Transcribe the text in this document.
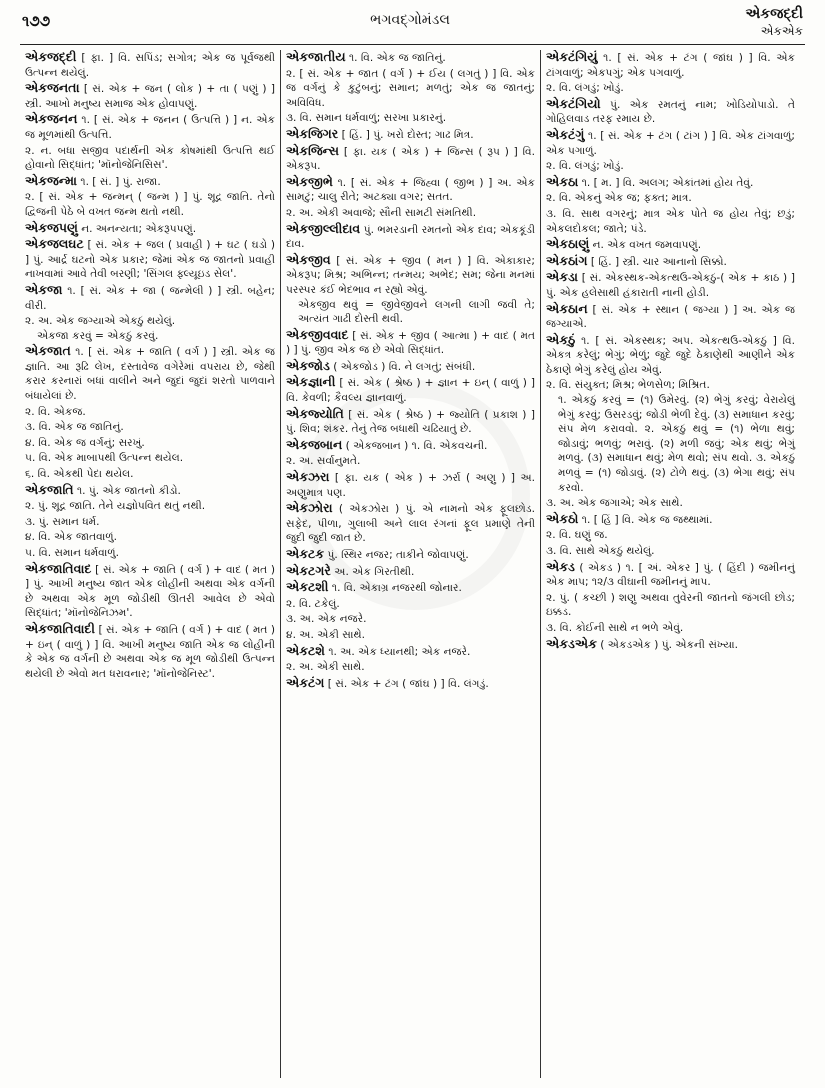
૧૭૭	ભગવદ્ગોમંડલ	એકજદ્દી
એકએક
એકજદ્દી [ ફા. ] વિ. સપિંડ; સગોત્ર; એક જ પૂર્વજથી ઉત્પન્ન થયેલું.
એકજનતા [ સં. એક + જન ( લોક ) + તા ( પણું ) ] સ્ત્રી. આખો મનુષ્ય સમાજ એક હોવાપણું.
એકજનન ૧. [ સં. એક + જનન ( ઉત્પત્તિ ) ] ન. એક જ મૂળમાંથી ઉત્પત્તિ.
૨. ન. બધા સજીવ પદાર્થની એક કોષમાંથી ઉત્પત્તિ થઈ હોવાનો સિદ્ધાંત; 'મૉનોજેનિસિસ'.
એકજન્મા ૧. [ સં. ] પું. રાજા.
૨. [ સં. એક + જન્મન્ ( જન્મ ) ] પું. શૂદ્ર જાતિ. તેનો દ્વિજની પેઠે બે વખત જન્મ થતો નથી.
એકજપણું ન. અનન્યતા; એકરૂપપણું.
એકજલઘટ [ સં. એક + જલ ( પ્રવાહી ) + ઘટ ( ઘડો ) ] પું. આર્દ્ર ઘટનો એક પ્રકાર; જેમાં એક જ જાતનો પ્રવાહી નાખવામાં આવે તેવી બરણી; 'સિંગલ ફ્લ્યૂઇડ સેલ'.
એકજા ૧. [ સં. એક + જા ( જન્મેલી ) ] સ્ત્રી. બહેન; વીરી.
૨. અ. એક જગ્યાએ એકઠું થયેલું.
એકજા કરવું = એકઠું કરવું.
એકજાત ૧. [ સં. એક + જાતિ ( વર્ગ ) ] સ્ત્રી. એક જ જ્ઞાતિ. આ રૂઢિ લેખ, દસ્તાવેજ વગેરેમાં વપરાય છે, જેથી કરાર કરનારાં બધાં વાલીને અને જુદાં જુદાં શરતો પાળવાને બંધાયેલાં છે.
૨. વિ. એકજ.
૩. વિ. એક જ જાતિનું.
૪. વિ. એક જ વર્ગનું; સરખું.
૫. વિ. એક માબાપથી ઉત્પન્ન થયેલ.
૬. વિ. એકથી પેદા થયેલ.
એકજાતિ ૧. પું. એક જાતનો કીડો.
૨. પું. શૂદ્ર જાતિ. તેને યજ્ઞોપવિત થતું નથી.
૩. પું. સમાન ધર્મ.
૪. વિ. એક જાતવાળું.
૫. વિ. સમાન ધર્મવાળું.
એકજાતિવાદ [ સં. એક + જાતિ ( વર્ગ ) + વાદ ( મત ) ] પું. આખી મનુષ્ય જાત એક લોહીની અથવા એક વર્ગની છે અથવા એક મૂળ જોડીથી ઊતરી આવેલ છે એવો સિદ્ધાંત; 'મૉનોજેનિઝમ'.
એકજાતિવાદી [ સં. એક + જાતિ ( વર્ગ ) + વાદ ( મત ) + ઇન્ ( વાળું ) ] વિ. આખી મનુષ્ય જાતિ એક જ લોહીની કે એક જ વર્ગની છે અથવા એક જ મૂળ જોડીથી ઉત્પન્ન થયેલી છે એવો મત ધરાવનાર; 'મૉનોજેનિસ્ટ'.
એકજાતીય ૧. વિ. એક જ જાતિનું.
૨. [ સં. એક + જાત ( વર્ગ ) + ઈય ( લગતું ) ] વિ. એક જ વર્ગનું કે કુટુંબનું; સમાન; મળતું; એક જ જાતનું; અવિવિધ.
૩. વિ. સમાન ધર્મવાળું; સરખા પ્રકારનું.
એકજિગર [ હિં. ] પું. ખરો દોસ્ત; ગાઢ મિત્ર.
એકજિન્સ [ ફા. યક ( એક ) + જિન્સ ( રૂપ ) ] વિ. એકરૂપ.
એકજીભે ૧. [ સં. એક + જિહ્વા ( જીભ ) ] અ. એક સામટું; ચાલુ રીતે; અટક્યા વગર; સતત.
૨. અ. એકી અવાજે; સૌની સામટી સંમતિથી.
એકજીલ્લીદાવ પું. ભમરડાની રમતનો એક દાવ; એકકૂંડી દાવ.
એકજીવ [ સં. એક + જીવ ( મન ) ] વિ. એકાકાર; એકરૂપ; મિશ્ર; અભિન્ન; તન્મય; અભેદ; સમ; જેના મનમાં પરસ્પર કંઈ ભેદભાવ ન રહ્યો એવું.
એકજીવ થવું = જીવેજીવને લગની લાગી જવી તે; અત્યંત ગાઢી દોસ્તી થવી.
એકજીવવાદ [ સં. એક + જીવ ( આત્મા ) + વાદ ( મત ) ] પું. જીવ એક જ છે એવો સિદ્ધાંત.
એકજોડ ( એકજોડ ) વિ. ને લગતું; સંબંધી.
એકજ્ઞાની [ સં. એક ( શ્રેષ્ઠ ) + જ્ઞાન + ઇન્ ( વાળું ) ] વિ. કેવળી; કૈવલ્ય જ્ઞાનવાળું.
એકજ્યોતિ [ સં. એક ( શ્રેષ્ઠ ) + જ્યોતિ ( પ્રકાશ ) ] પું. શિવ; શંકર. તેનું તેજ બધાથી ચઢિયાતું છે.
એકજબાન ( એકજબાન ) ૧. વિ. એકવચની.
૨. અ. સર્વાનુમતે.
એકઝરા [ ફા. યક ( એક ) + ઝર્રા ( અણુ ) ] અ. અણુમાત્ર પણ.
એકઝોરા ( એકઝોરા ) પું. એ નામનો એક ફૂલછોડ. સફેદ, પીળા, ગુલાબી અને લાલ રંગનાં ફૂલ પ્રમાણે તેની જુદી જુદી જાત છે.
એકટક પું. સ્થિર નજર; તાકીને જોવાપણું.
એકટગરે અ. એક ગિરતીથી.
એકટશી ૧. વિ. એકાગ્ર નજરથી જોનાર.
૨. વિ. ટકેલું.
૩. અ. એક નજરે.
૪. અ. એકી સાથે.
એકટશે ૧. અ. એક ધ્યાનથી; એક નજરે.
૨. અ. એકી સાથે.
એકટંગ [ સં. એક + ટંગ ( જાંઘ ) ] વિ. લંગડું.
એકટંગિયું ૧. [ સં. એક + ટંગ ( જાંઘ ) ] વિ. એક ટાંગવાળું; એકપગું; એક પગવાળું.
૨. વિ. લંગડું; ખોડું.
એકટંગિયો પું. એક રમતનું નામ; ખોડિયોપાડો. તે ગોહિલવાડ તરફ રમાય છે.
એકટંગું ૧. [ સં. એક + ટંગ ( ટાંગ ) ] વિ. એક ટાંગવાળું; એક પગાળું.
૨. વિ. લંગડું; ખોડું.
એકઠા ૧. [ મ. ] વિ. અલગ; એકાંતમાં હોય તેવું.
૨. વિ. એકનું એક જ; ફક્ત; માત્ર.
૩. વિ. સાથ વગરનું; માત્ર એક પોતે જ હોય તેવું; છડું; એકલદોકલ; જાતે; પંડે.
એકઠાણું ન. એક વખત જમવાપણું.
એકઠાંગ [ હિં. ] સ્ત્રી. ચાર આનાનો સિક્કો.
એકડા [ સં. એકસ્થક-એકત્થઉ-એકઠું-( એક + કાઠ ) ] પું. એક હલેસાથી હંકારાતી નાની હોડી.
એકઠાન [ સં. એક + સ્થાન ( જગ્યા ) ] અ. એક જ જગ્યાએ.
એકઠું ૧. [ સં. એકસ્થક; અપ. એકત્થઉ-એકઠું ] વિ. એકત્ર કરેલું; ભેગું; ભેળું; જુદે જુદે ઠેકાણેથી આણીને એક ઠેકાણે ભેગું કરેલું હોય એવું.
૨. વિ. સંયુક્ત; મિશ્ર; ભેળસેળ; મિશ્રિત.
૧. એકઠું કરવું = (૧) ઉમેરવું. (૨) ભેગું કરવું; વેરાયેલું ભેગું કરવું; ઉસરડવું; જોડી ભેળી દેવું. (૩) સમાધાન કરવું; સંપ મેળ કરાવવો. ૨. એકઠું થવું = (૧) ભેળા થવું; જોડાવું; ભળવું; ભરાવું. (૨) મળી જવું; એક થવું; ભેગું મળવું. (૩) સમાધાન થવું; મેળ થવો; સંપ થવો. ૩. એકઠું મળવું = (૧) જોડાવું. (૨) ટોળે થવું. (૩) ભેગા થવું; સંપ કરવો.
૩. અ. એક જગાએ; એક સાથે.
એકઠો ૧. [ હિં ] વિ. એક જ જથ્થામાં.
૨. વિ. ઘણું જ.
૩. વિ. સાથે એકઠું થયેલું.
એકડ ( એકડ ) ૧. [ અં. એકર ] પું. ( હિંદી ) જમીનનું એક માપ; ૧૨/૩ વીઘાની જમીનનું માપ.
૨. પું. ( કચ્છી ) શણુ અથવા તુવેરની જાતનો જંગલી છોડ; ઇક્કડ.
૩. વિ. કોઈની સાથે ન ભળે એવું.
એકડએક ( એકડએક ) પું. એકની સંખ્યા.
